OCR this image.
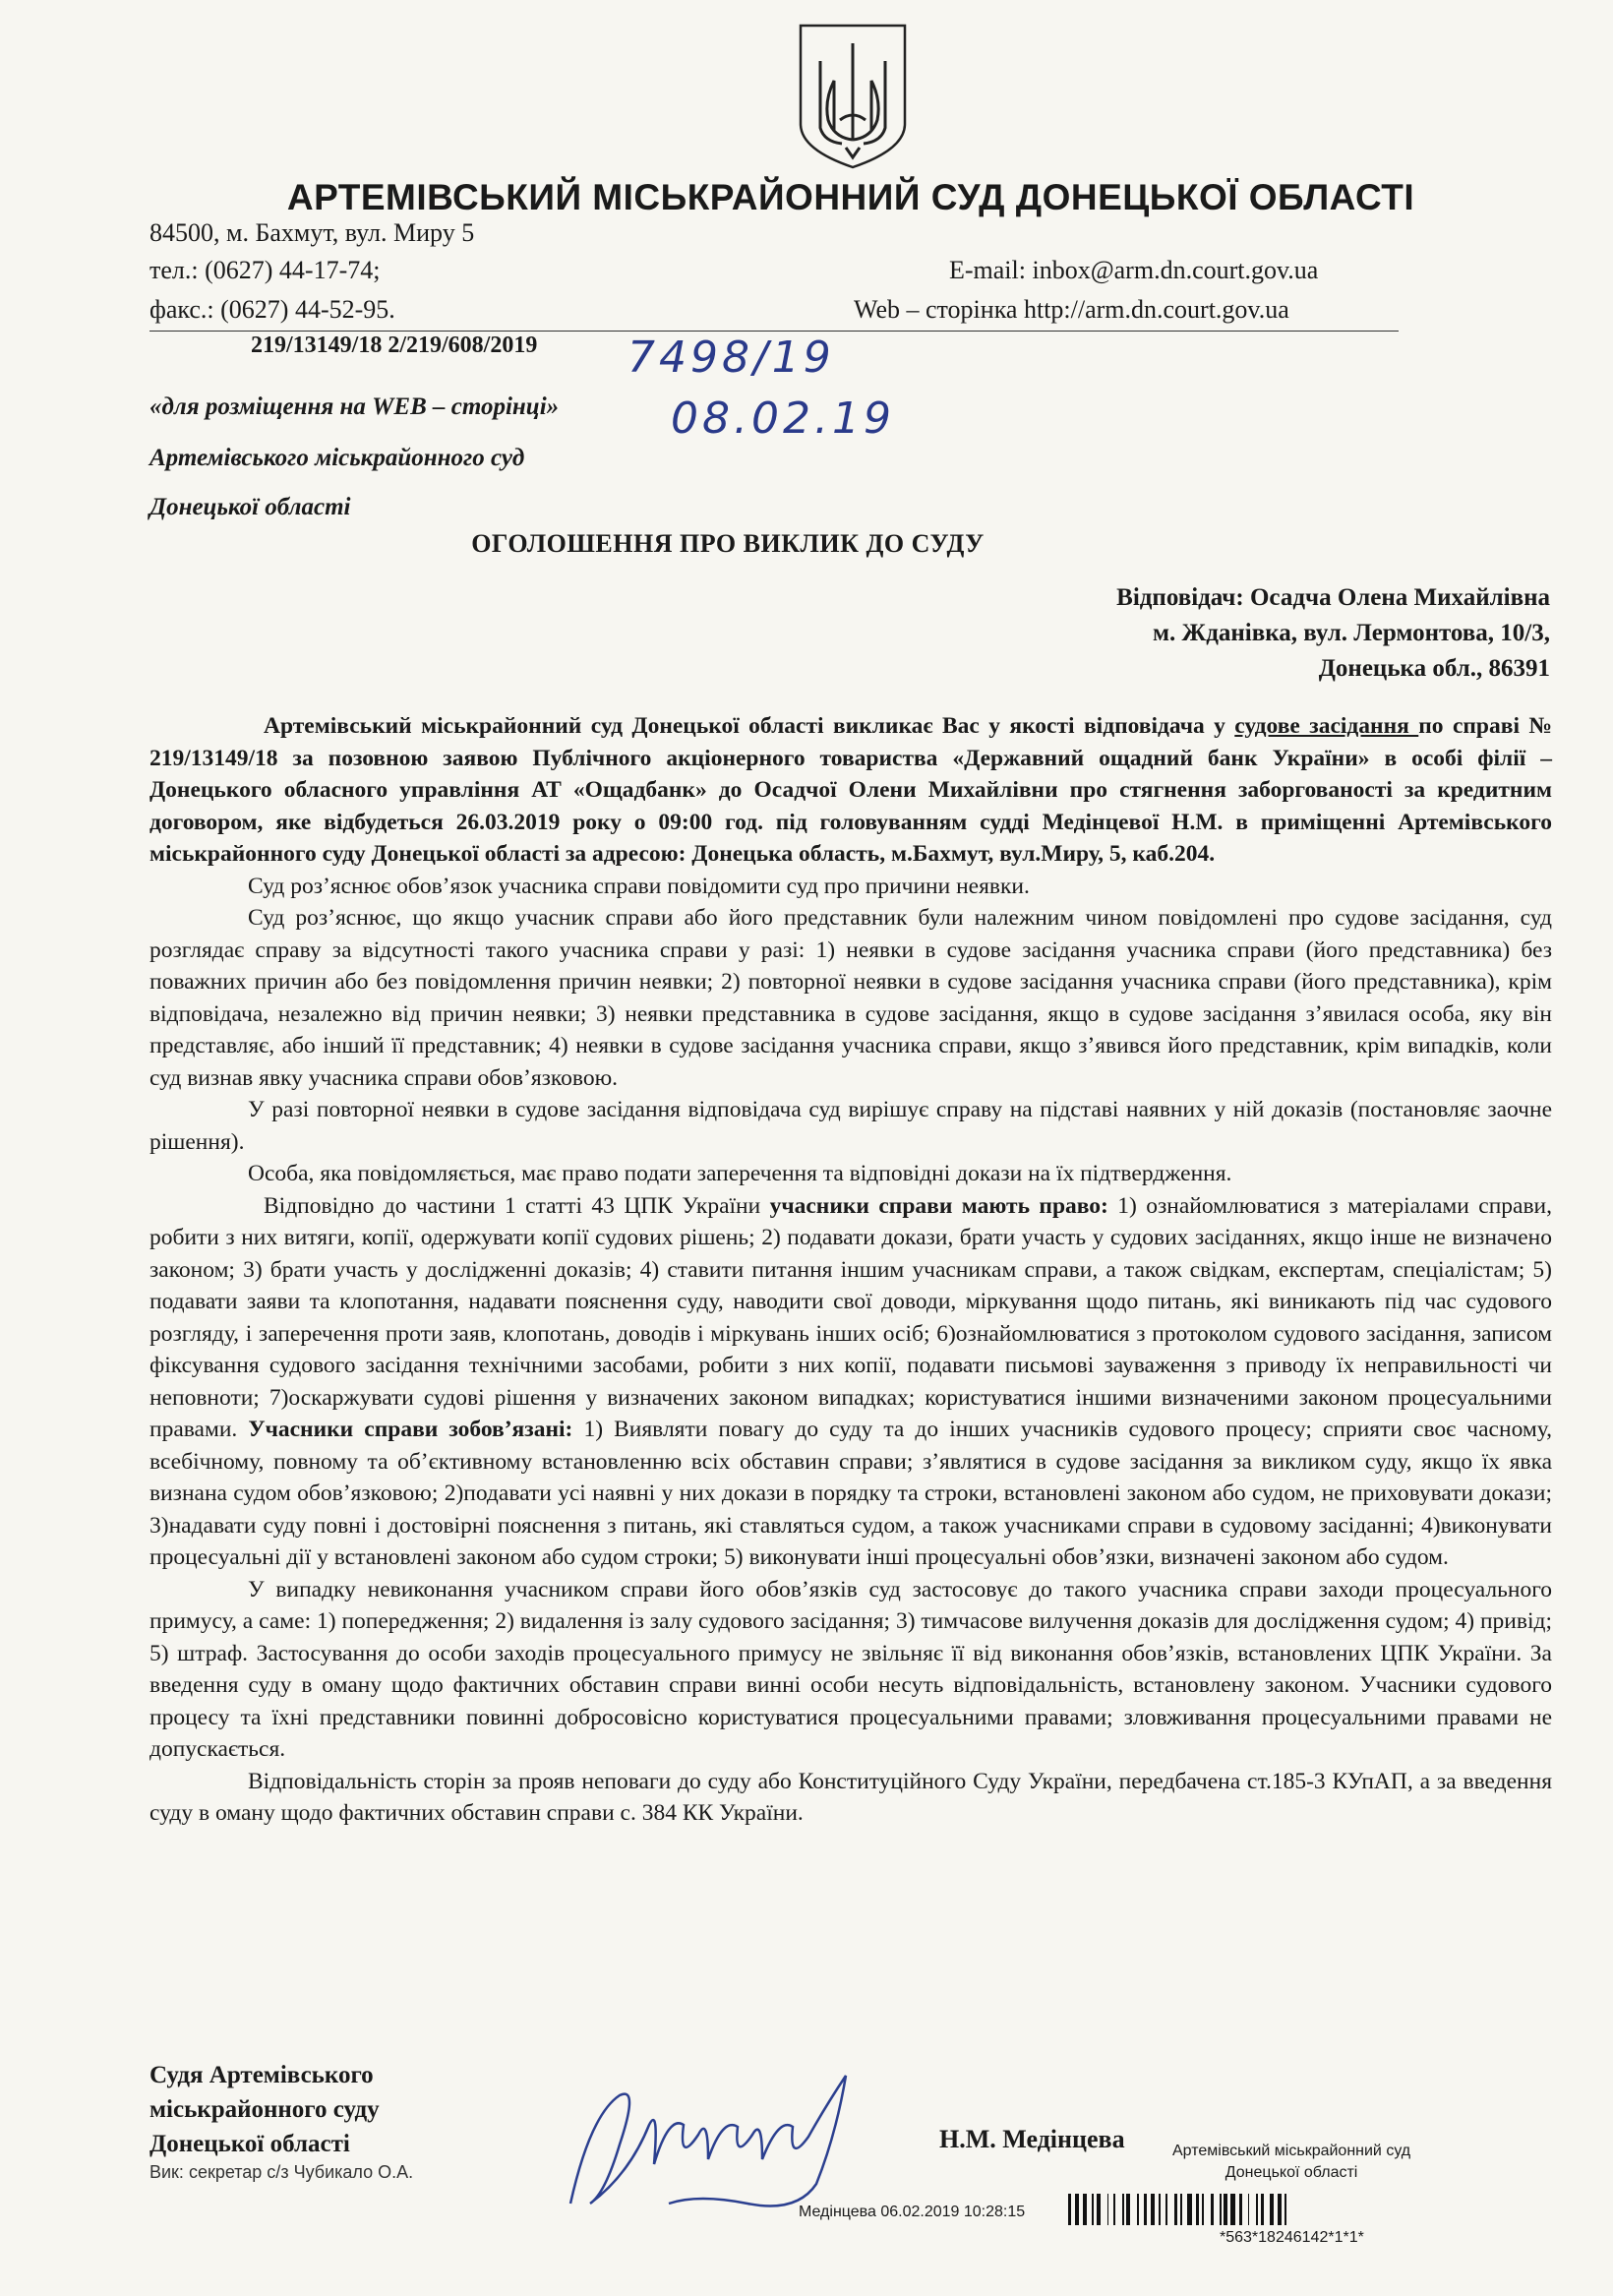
АРТЕМІВСЬКИЙ МІСЬКРАЙОННИЙ СУД ДОНЕЦЬКОЇ ОБЛАСТІ
84500, м. Бахмут, вул. Миру 5
тел.: (0627) 44-17-74;
факс.: (0627) 44-52-95.
E-mail: inbox@arm.dn.court.gov.ua
Web – сторінка http://arm.dn.court.gov.ua
219/13149/18 2/219/608/2019 7498/19
08.02.19
«для розміщення на WEB – сторінці»
Артемівського міськрайонного суд
Донецької області
ОГОЛОШЕННЯ ПРО ВИКЛИК ДО СУДУ
Відповідач: Осадча Олена Михайлівна
м. Жданівка, вул. Лермонтова, 10/3,
Донецька обл., 86391

Артемівський міськрайонний суд Донецької області викликає Вас у якості відповідача у судове засідання по справі № 219/13149/18 за позовною заявою Публічного акціонерного товариства «Державний ощадний банк України» в особі філії – Донецького обласного управління АТ «Ощадбанк» до Осадчої Олени Михайлівни про стягнення заборгованості за кредитним договором, яке відбудеться 26.03.2019 року о 09:00 год. під головуванням судді Медінцевої Н.М. в приміщенні Артемівського міськрайонного суду Донецької області за адресою: Донецька область, м.Бахмут, вул.Миру, 5, каб.204.

Суд роз’яснює обов’язок учасника справи повідомити суд про причини неявки.

Суд роз’яснює, що якщо учасник справи або його представник були належним чином повідомлені про судове засідання, суд розглядає справу за відсутності такого учасника справи у разі: 1) неявки в судове засідання учасника справи (його представника) без поважних причин або без повідомлення причин неявки; 2) повторної неявки в судове засідання учасника справи (його представника), крім відповідача, незалежно від причин неявки; 3) неявки представника в судове засідання, якщо в судове засідання з’явилася особа, яку він представляє, або інший її представник; 4) неявки в судове засідання учасника справи, якщо з’явився його представник, крім випадків, коли суд визнав явку учасника справи обов’язковою.

У разі повторної неявки в судове засідання відповідача суд вирішує справу на підставі наявних у ній доказів (постановляє заочне рішення).

Особа, яка повідомляється, має право подати заперечення та відповідні докази на їх підтвердження.

Відповідно до частини 1 статті 43 ЦПК України учасники справи мають право: 1) ознайомлюватися з матеріалами справи, робити з них витяги, копії, одержувати копії судових рішень; 2) подавати докази, брати участь у судових засіданнях, якщо інше не визначено законом; 3) брати участь у дослідженні доказів; 4) ставити питання іншим учасникам справи, а також свідкам, експертам, спеціалістам; 5) подавати заяви та клопотання, надавати пояснення суду, наводити свої доводи, міркування щодо питань, які виникають під час судового розгляду, і заперечення проти заяв, клопотань, доводів і міркувань інших осіб; 6)ознайомлюватися з протоколом судового засідання, записом фіксування судового засідання технічними засобами, робити з них копії, подавати письмові зауваження з приводу їх неправильності чи неповноти; 7)оскаржувати судові рішення у визначених законом випадках; користуватися іншими визначеними законом процесуальними правами. Учасники справи зобов’язані: 1) Виявляти повагу до суду та до інших учасників судового процесу; сприяти своє часному, всебічному, повному та об’єктивному встановленню всіх обставин справи; з’являтися в судове засідання за викликом суду, якщо їх явка визнана судом обов’язковою; 2)подавати усі наявні у них докази в порядку та строки, встановлені законом або судом, не приховувати докази; 3)надавати суду повні і достовірні пояснення з питань, які ставляться судом, а також учасниками справи в судовому засіданні; 4)виконувати процесуальні дії у встановлені законом або судом строки; 5) виконувати інші процесуальні обов’язки, визначені законом або судом.

У випадку невиконання учасником справи його обов’язків суд застосовує до такого учасника справи заходи процесуального примусу, а саме: 1) попередження; 2) видалення із залу судового засідання; 3) тимчасове вилучення доказів для дослідження судом; 4) привід; 5) штраф. Застосування до особи заходів процесуального примусу не звільняє її від виконання обов’язків, встановлених ЦПК України. За введення суду в оману щодо фактичних обставин справи винні особи несуть відповідальність, встановлену законом. Учасники судового процесу та їхні представники повинні добросовісно користуватися процесуальними правами; зловживання процесуальними правами не допускається.

Відповідальність сторін за прояв неповаги до суду або Конституційного Суду України, передбачена ст.185-3 КУпАП, а за введення суду в оману щодо фактичних обставин справи с. 384 КК України.

Судя Артемівського
міськрайонного суду
Донецької області
Вик: секретар с/з Чубикало О.А.
Н.М. Медінцева	Артемівський міськрайонний суд
Донецької області
Медінцева 06.02.2019 10:28:15
*563*18246142*1*1*
